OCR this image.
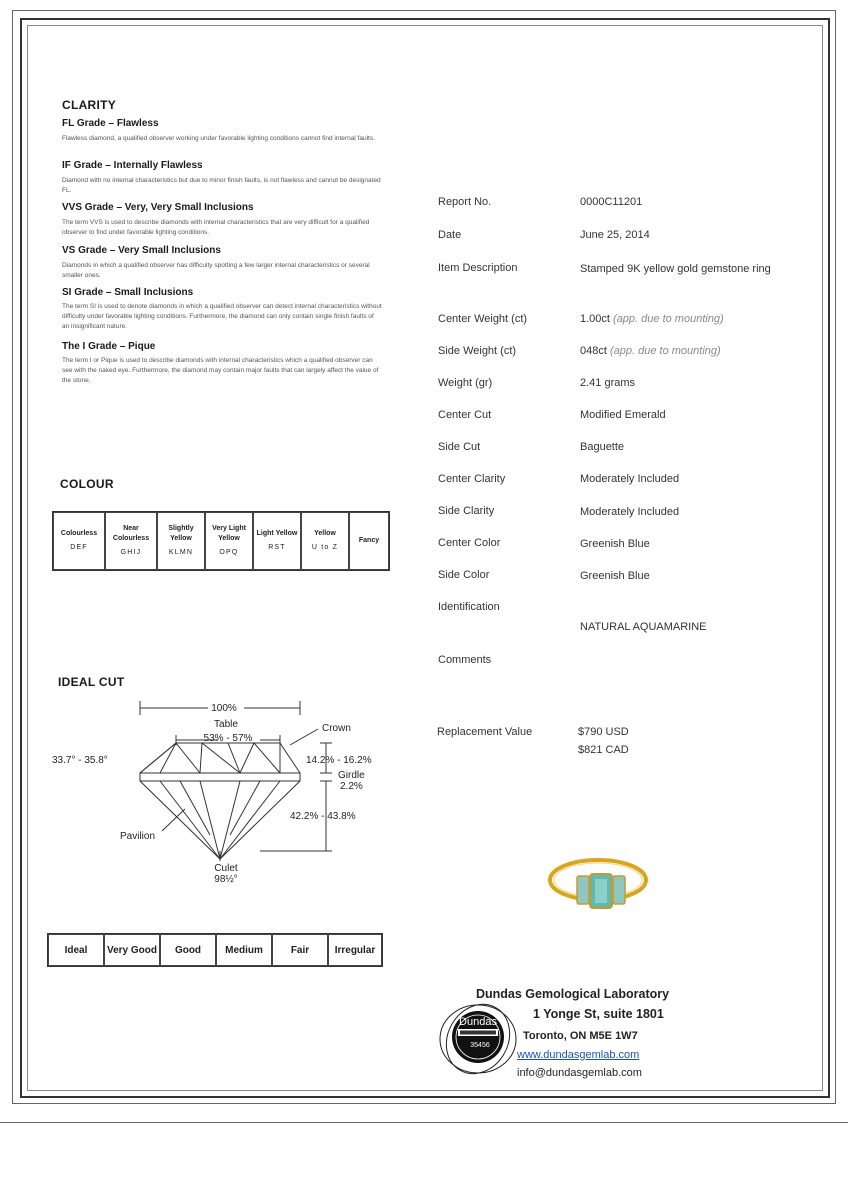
CLARITY
FL Grade – Flawless
Flawless diamond, a qualified observer working under favorable lighting conditions cannot find internal faults.
IF Grade – Internally Flawless
Diamond with no internal characteristics but due to minor finish faults, is not flawless and cannot be designated FL.
VVS Grade – Very, Very Small Inclusions
The term VVS is used to describe diamonds with internal characteristics that are very difficult for a qualified observer to find under favorable lighting conditions.
VS Grade – Very Small Inclusions
Diamonds in which a qualified observer has difficulty spotting a few larger internal characteristics or several smaller ones.
SI Grade – Small Inclusions
The term SI is used to denote diamonds in which a qualified observer can detect internal characteristics without difficulty under favorable lighting conditions. Furthermore, the diamond can only contain single finish faults of an insignificant nature.
The I Grade – Pique
The term I or Pique is used to describe diamonds with internal characteristics which a qualified observer can see with the naked eye. Furthermore, the diamond may contain major faults that can largely affect the value of the stone.
COLOUR
Colourless
DEF
	Near Colourless
GHIJ
	Slightly Yellow
KLMN
	Very Light Yellow
OPQ
	Light Yellow
RST
	Yellow
U to Z
	Fancy
IDEAL CUT
100%
Table
53% - 57%
Crown
33.7° - 35.8°	14.2% - 16.2%
Girdle
2.2%
42.2% - 43.8%
Pavilion
Culet
98½°
Ideal	Very Good	Good	Medium	Fair	Irregular
Report No.	0000C11201
Date	June 25, 2014
Item Description	Stamped 9K yellow gold gemstone ring
Center Weight (ct)	1.00ct (app. due to mounting)
Side Weight (ct)	048ct (app. due to mounting)
Weight (gr)	2.41 grams
Center Cut	Modified Emerald
Side Cut	Baguette
Center Clarity	Moderately Included
Side Clarity	Moderately Included
Center Color	Greenish Blue
Side Color	Greenish Blue
Identification
NATURAL AQUAMARINE
Comments
Replacement Value	$790 USD
$821 CAD
Dundas
35456
Dundas Gemological Laboratory
1 Yonge St, suite 1801
Toronto, ON M5E 1W7
www.dundasgemlab.com
info@dundasgemlab.com
